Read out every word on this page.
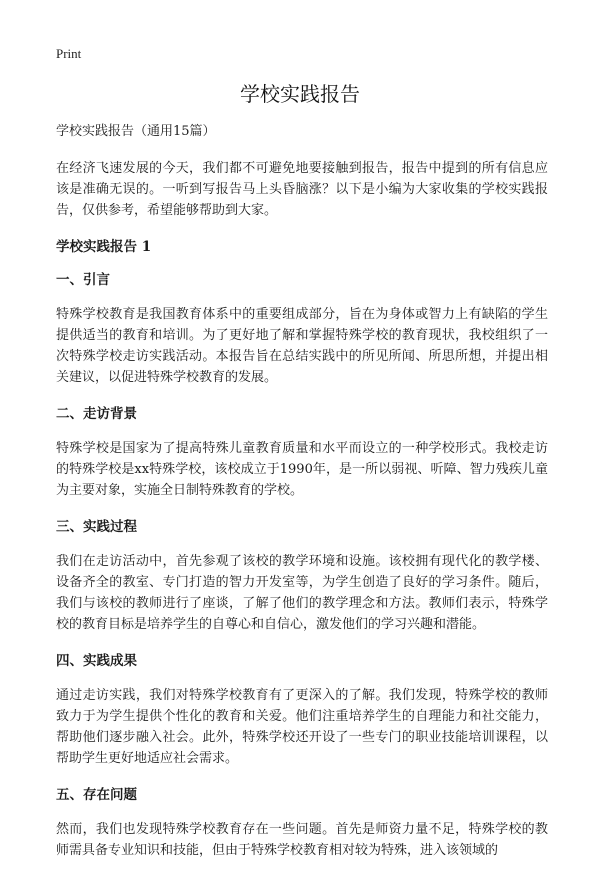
Print
学校实践报告

学校实践报告（通用15篇）

在经济飞速发展的今天，我们都不可避免地要接触到报告，报告中提到的所有信息应该是准确无误的。一听到写报告马上头昏脑涨？以下是小编为大家收集的学校实践报告，仅供参考，希望能够帮助到大家。

学校实践报告 1

一、引言

特殊学校教育是我国教育体系中的重要组成部分，旨在为身体或智力上有缺陷的学生提供适当的教育和培训。为了更好地了解和掌握特殊学校的教育现状，我校组织了一次特殊学校走访实践活动。本报告旨在总结实践中的所见所闻、所思所想，并提出相关建议，以促进特殊学校教育的发展。

二、走访背景

特殊学校是国家为了提高特殊儿童教育质量和水平而设立的一种学校形式。我校走访的特殊学校是xx特殊学校，该校成立于1990年，是一所以弱视、听障、智力残疾儿童为主要对象，实施全日制特殊教育的学校。

三、实践过程

我们在走访活动中，首先参观了该校的教学环境和设施。该校拥有现代化的教学楼、设备齐全的教室、专门打造的智力开发室等，为学生创造了良好的学习条件。随后，我们与该校的教师进行了座谈，了解了他们的教学理念和方法。教师们表示，特殊学校的教育目标是培养学生的自尊心和自信心，激发他们的学习兴趣和潜能。

四、实践成果

通过走访实践，我们对特殊学校教育有了更深入的了解。我们发现，特殊学校的教师致力于为学生提供个性化的教育和关爱。他们注重培养学生的自理能力和社交能力，帮助他们逐步融入社会。此外，特殊学校还开设了一些专门的职业技能培训课程，以帮助学生更好地适应社会需求。

五、存在问题

然而，我们也发现特殊学校教育存在一些问题。首先是师资力量不足，特殊学校的教师需具备专业知识和技能，但由于特殊学校教育相对较为特殊，进入该领域的
